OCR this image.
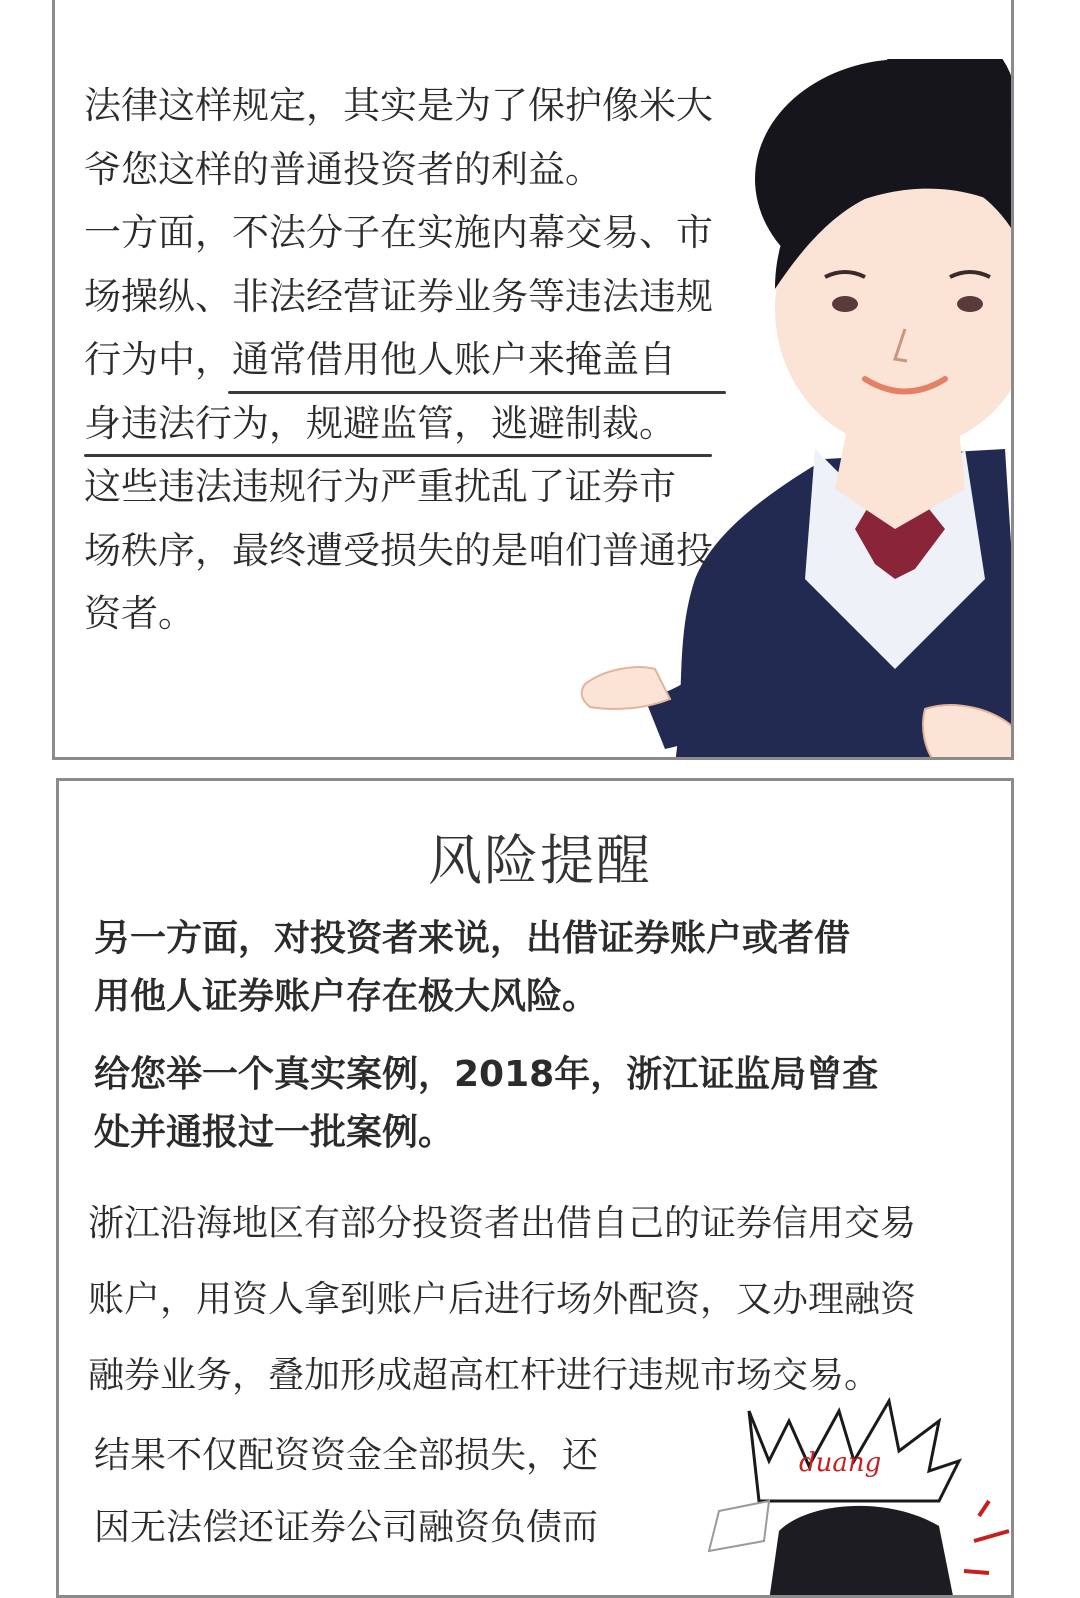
法律这样规定，其实是为了保护像米大

爷您这样的普通投资者的利益。

一方面，不法分子在实施内幕交易、市

场操纵、非法经营证券业务等违法违规

行为中，通常借用他人账户来掩盖自

身违法行为，规避监管，逃避制裁。

这些违法违规行为严重扰乱了证券市

场秩序，最终遭受损失的是咱们普通投

资者。

duang
风险提醒
另一方面，对投资者来说，出借证券账户或者借
用他人证券账户存在极大风险。
给您举一个真实案例，2018年，浙江证监局曾查
处并通报过一批案例。
浙江沿海地区有部分投资者出借自己的证券信用交易
账户，用资人拿到账户后进行场外配资，又办理融资
融券业务，叠加形成超高杠杆进行违规市场交易。
结果不仅配资资金全部损失，还
因无法偿还证券公司融资负债而
